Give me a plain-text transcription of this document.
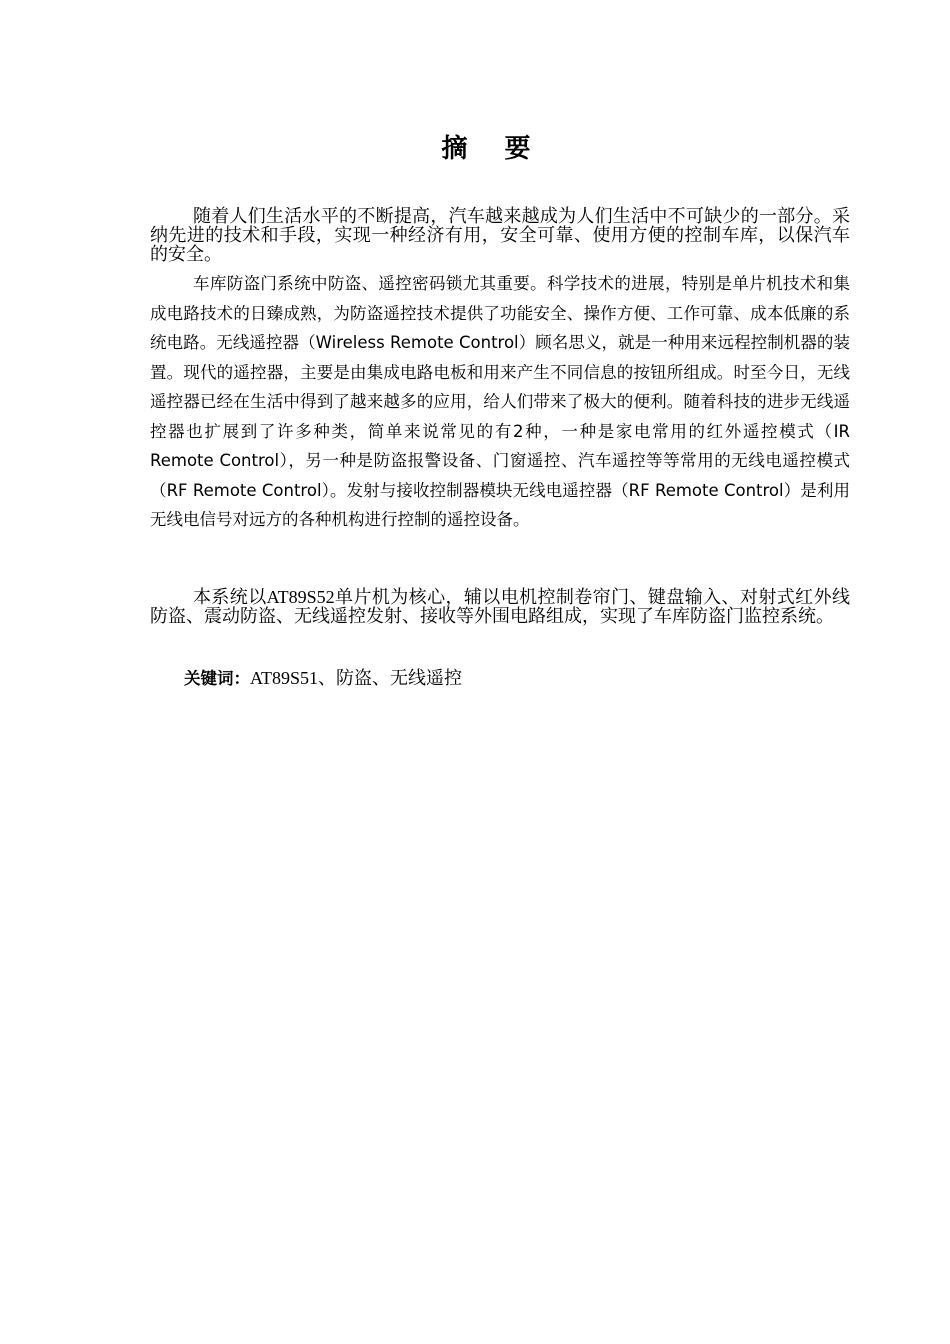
摘 要

随着人们生活水平的不断提高，汽车越来越成为人们生活中不可缺少的一部分。采纳先进的技术和手段，实现一种经济有用，安全可靠、使用方便的控制车库，以保汽车的安全。

车库防盗门系统中防盗、遥控密码锁尤其重要。科学技术的进展，特别是单片机技术和集成电路技术的日臻成熟，为防盗遥控技术提供了功能安全、操作方便、工作可靠、成本低廉的系统电路。无线遥控器（Wireless Remote Control）顾名思义，就是一种用来远程控制机器的装置。现代的遥控器，主要是由集成电路电板和用来产生不同信息的按钮所组成。时至今日，无线遥控器已经在生活中得到了越来越多的应用，给人们带来了极大的便利。随着科技的进步无线遥控器也扩展到了许多种类，简单来说常见的有2种，一种是家电常用的红外遥控模式（IR Remote Control），另一种是防盗报警设备、门窗遥控、汽车遥控等等常用的无线电遥控模式（RF Remote Control）。发射与接收控制器模块无线电遥控器（RF Remote Control）是利用无线电信号对远方的各种机构进行控制的遥控设备。

本系统以AT89S52单片机为核心，辅以电机控制卷帘门、键盘输入、对射式红外线防盗、震动防盗、无线遥控发射、接收等外围电路组成，实现了车库防盗门监控系统。

关键词：AT89S51、防盗、无线遥控
